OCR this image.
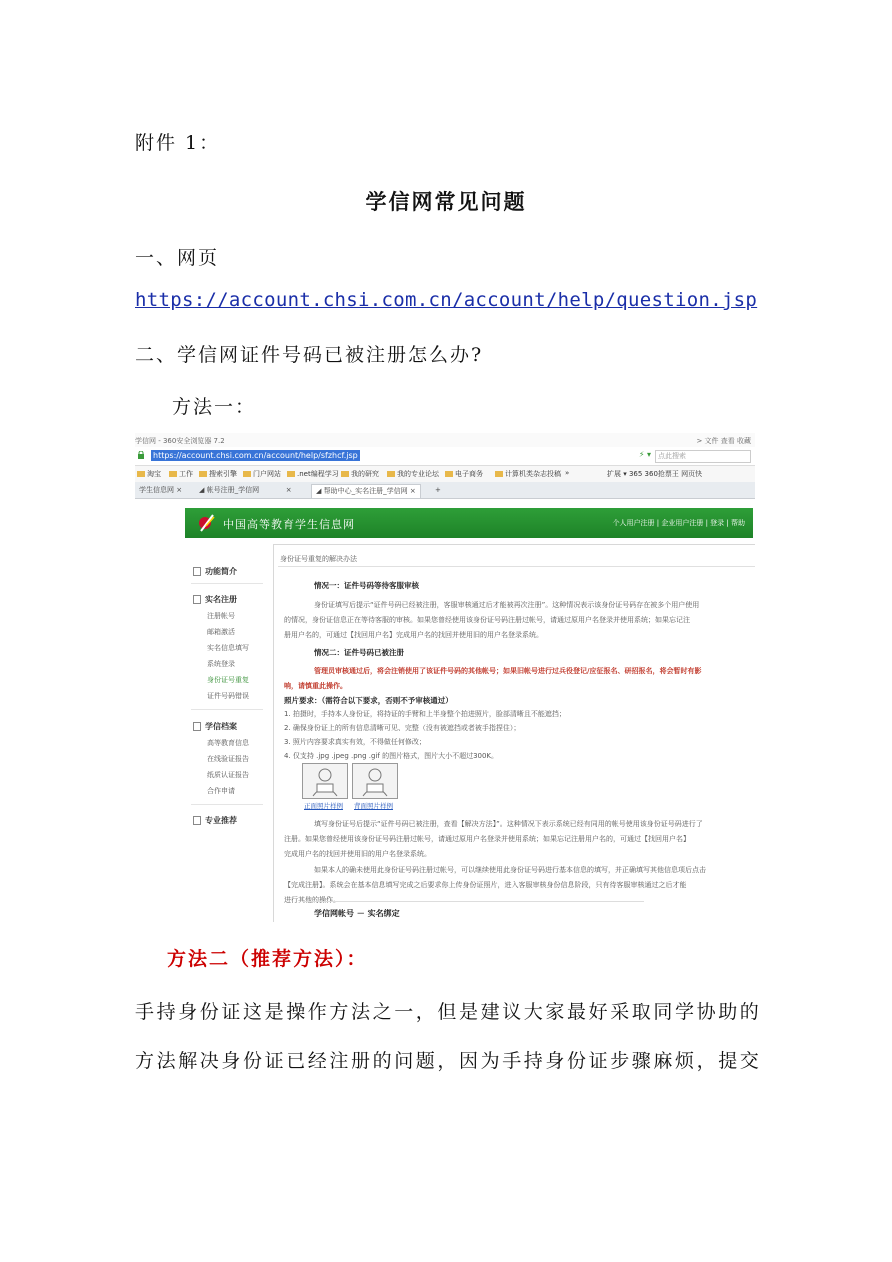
附件 1：
学信网常见问题
一、网页
https://account.chsi.com.cn/account/help/question.jsp
二、学信网证件号码已被注册怎么办?
方法一：
学信网 - 360安全浏览器 7.2	> 文件 查看 收藏
https://account.chsi.com.cn/account/help/sfzhcf.jsp	⚡ ▾	点此搜索
淘宝	工作	搜索引擎	门户网站	.net编程学习	我的研究	我的专业论坛	电子商务	计算机类杂志投稿 »	扩展 ▾ 365 360抢票王 网页快
学生信息网 ×	◢ 帐号注册_学信网            ×	◢ 帮助中心_实名注册_学信网 ×	+
中国高等教育学生信息网	个人用户注册 | 企业用户注册 | 登录 | 帮助
功能简介
实名注册
注册帐号
邮箱激活
实名信息填写
系统登录
身份证号重复
证件号码错误
学信档案
高等教育信息
在线验证报告
纸质认证报告
合作申请
专业推荐
身份证号重复的解决办法
情况一：证件号码等待客服审核
身份证填写后提示“证件号码已经被注册，客服审核通过后才能被再次注册”。这种情况表示该身份证号码存在被多个用户使用
的情况，身份证信息正在等待客服的审核。如果您曾经使用该身份证号码注册过帐号，请通过原用户名登录并使用系统；如果忘记注
册用户名的，可通过【找回用户名】完成用户名的找回并使用旧的用户名登录系统。
情况二：证件号码已被注册
管理员审核通过后，将会注销使用了该证件号码的其他帐号；如果旧帐号进行过兵役登记/应征报名、研招报名，将会暂时有影
响，请慎重此操作。
照片要求：（需符合以下要求，否则不予审核通过）
1. 拍摄时，手持本人身份证，将持证的手臂和上半身整个拍进照片，脸部清晰且不能遮挡；
2. 确保身份证上的所有信息清晰可见、完整（没有被遮挡或者被手指捏住）；
3. 照片内容要求真实有效，不得做任何修改；
4. 仅支持 .jpg .jpeg .png .gif 的图片格式，图片大小不超过300K。
正面照片样例 背面照片样例
填写身份证号后提示“证件号码已被注册，查看【解决方法】”。这种情况下表示系统已经有同用的帐号使用该身份证号码进行了
注册。如果您曾经使用该身份证号码注册过帐号，请通过原用户名登录并使用系统；如果忘记注册用户名的，可通过【找回用户名】
完成用户名的找回并使用旧的用户名登录系统。
如果本人的确未使用此身份证号码注册过帐号，可以继续使用此身份证号码进行基本信息的填写，并正确填写其他信息项后点击
【完成注册】。系统会在基本信息填写完成之后要求你上传身份证照片，进入客服审核身份信息阶段，只有待客服审核通过之后才能
进行其他的操作。
学信网帐号 － 实名绑定
方法二（推荐方法）：
手持身份证这是操作方法之一，但是建议大家最好采取同学协助的
方法解决身份证已经注册的问题，因为手持身份证步骤麻烦，提交
